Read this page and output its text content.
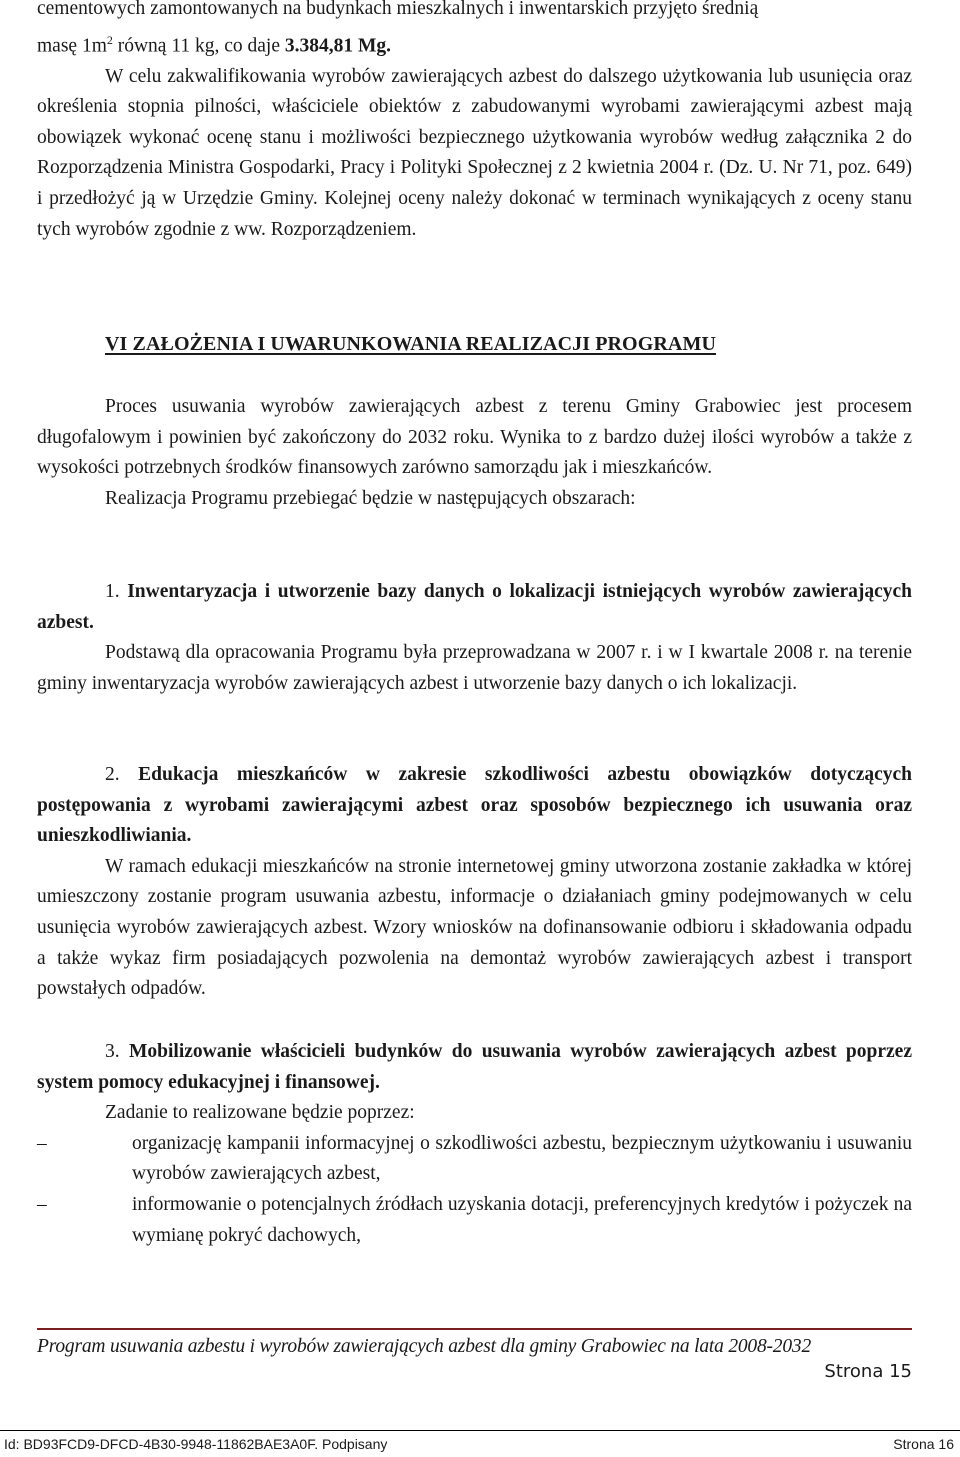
cementowych zamontowanych na budynkach mieszkalnych i inwentarskich przyjęto średnią

masę $1m^2$ równą 11 kg, co daje 3.384,81 Mg.

W celu zakwalifikowania wyrobów zawierających azbest do dalszego użytkowania lub usunięcia oraz określenia stopnia pilności, właściciele obiektów z zabudowanymi wyrobami zawierającymi azbest mają obowiązek wykonać ocenę stanu i możliwości bezpiecznego użytkowania wyrobów według załącznika 2 do Rozporządzenia Ministra Gospodarki, Pracy i Polityki Społecznej z 2 kwietnia 2004 r. (Dz. U. Nr 71, poz. 649) i przedłożyć ją w Urzędzie Gminy. Kolejnej oceny należy dokonać w terminach wynikających z oceny stanu tych wyrobów zgodnie z ww. Rozporządzeniem.

VI ZAŁOŻENIA I UWARUNKOWANIA REALIZACJI PROGRAMU

Proces usuwania wyrobów zawierających azbest z terenu Gminy Grabowiec jest procesem długofalowym i powinien być zakończony do 2032 roku. Wynika to z bardzo dużej ilości wyrobów a także z wysokości potrzebnych środków finansowych zarówno samorządu jak i mieszkańców.

Realizacja Programu przebiegać będzie w następujących obszarach:

1. Inwentaryzacja i utworzenie bazy danych o lokalizacji istniejących wyrobów zawierających azbest.

Podstawą dla opracowania Programu była przeprowadzana w 2007 r. i w I kwartale 2008 r. na terenie gminy inwentaryzacja wyrobów zawierających azbest i utworzenie bazy danych o ich lokalizacji.

2. Edukacja mieszkańców w zakresie szkodliwości azbestu obowiązków dotyczących postępowania z wyrobami zawierającymi azbest oraz sposobów bezpiecznego ich usuwania oraz unieszkodliwiania.

W ramach edukacji mieszkańców na stronie internetowej gminy utworzona zostanie zakładka w której umieszczony zostanie program usuwania azbestu, informacje o działaniach gminy podejmowanych w celu usunięcia wyrobów zawierających azbest. Wzory wniosków na dofinansowanie odbioru i składowania odpadu a także wykaz firm posiadających pozwolenia na demontaż wyrobów zawierających azbest i transport powstałych odpadów.

3. Mobilizowanie właścicieli budynków do usuwania wyrobów zawierających azbest poprzez system pomocy edukacyjnej i finansowej.

Zadanie to realizowane będzie poprzez:

–	organizację kampanii informacyjnej o szkodliwości azbestu, bezpiecznym użytkowaniu i usuwaniu wyrobów zawierających azbest,
–	informowanie o potencjalnych źródłach uzyskania dotacji, preferencyjnych kredytów i pożyczek na wymianę pokryć dachowych,
Program usuwania azbestu i wyrobów zawierających azbest dla gminy Grabowiec na lata 2008-2032
Strona 15
Id: BD93FCD9-DFCD-4B30-9948-11862BAE3A0F. Podpisany	Strona 16
